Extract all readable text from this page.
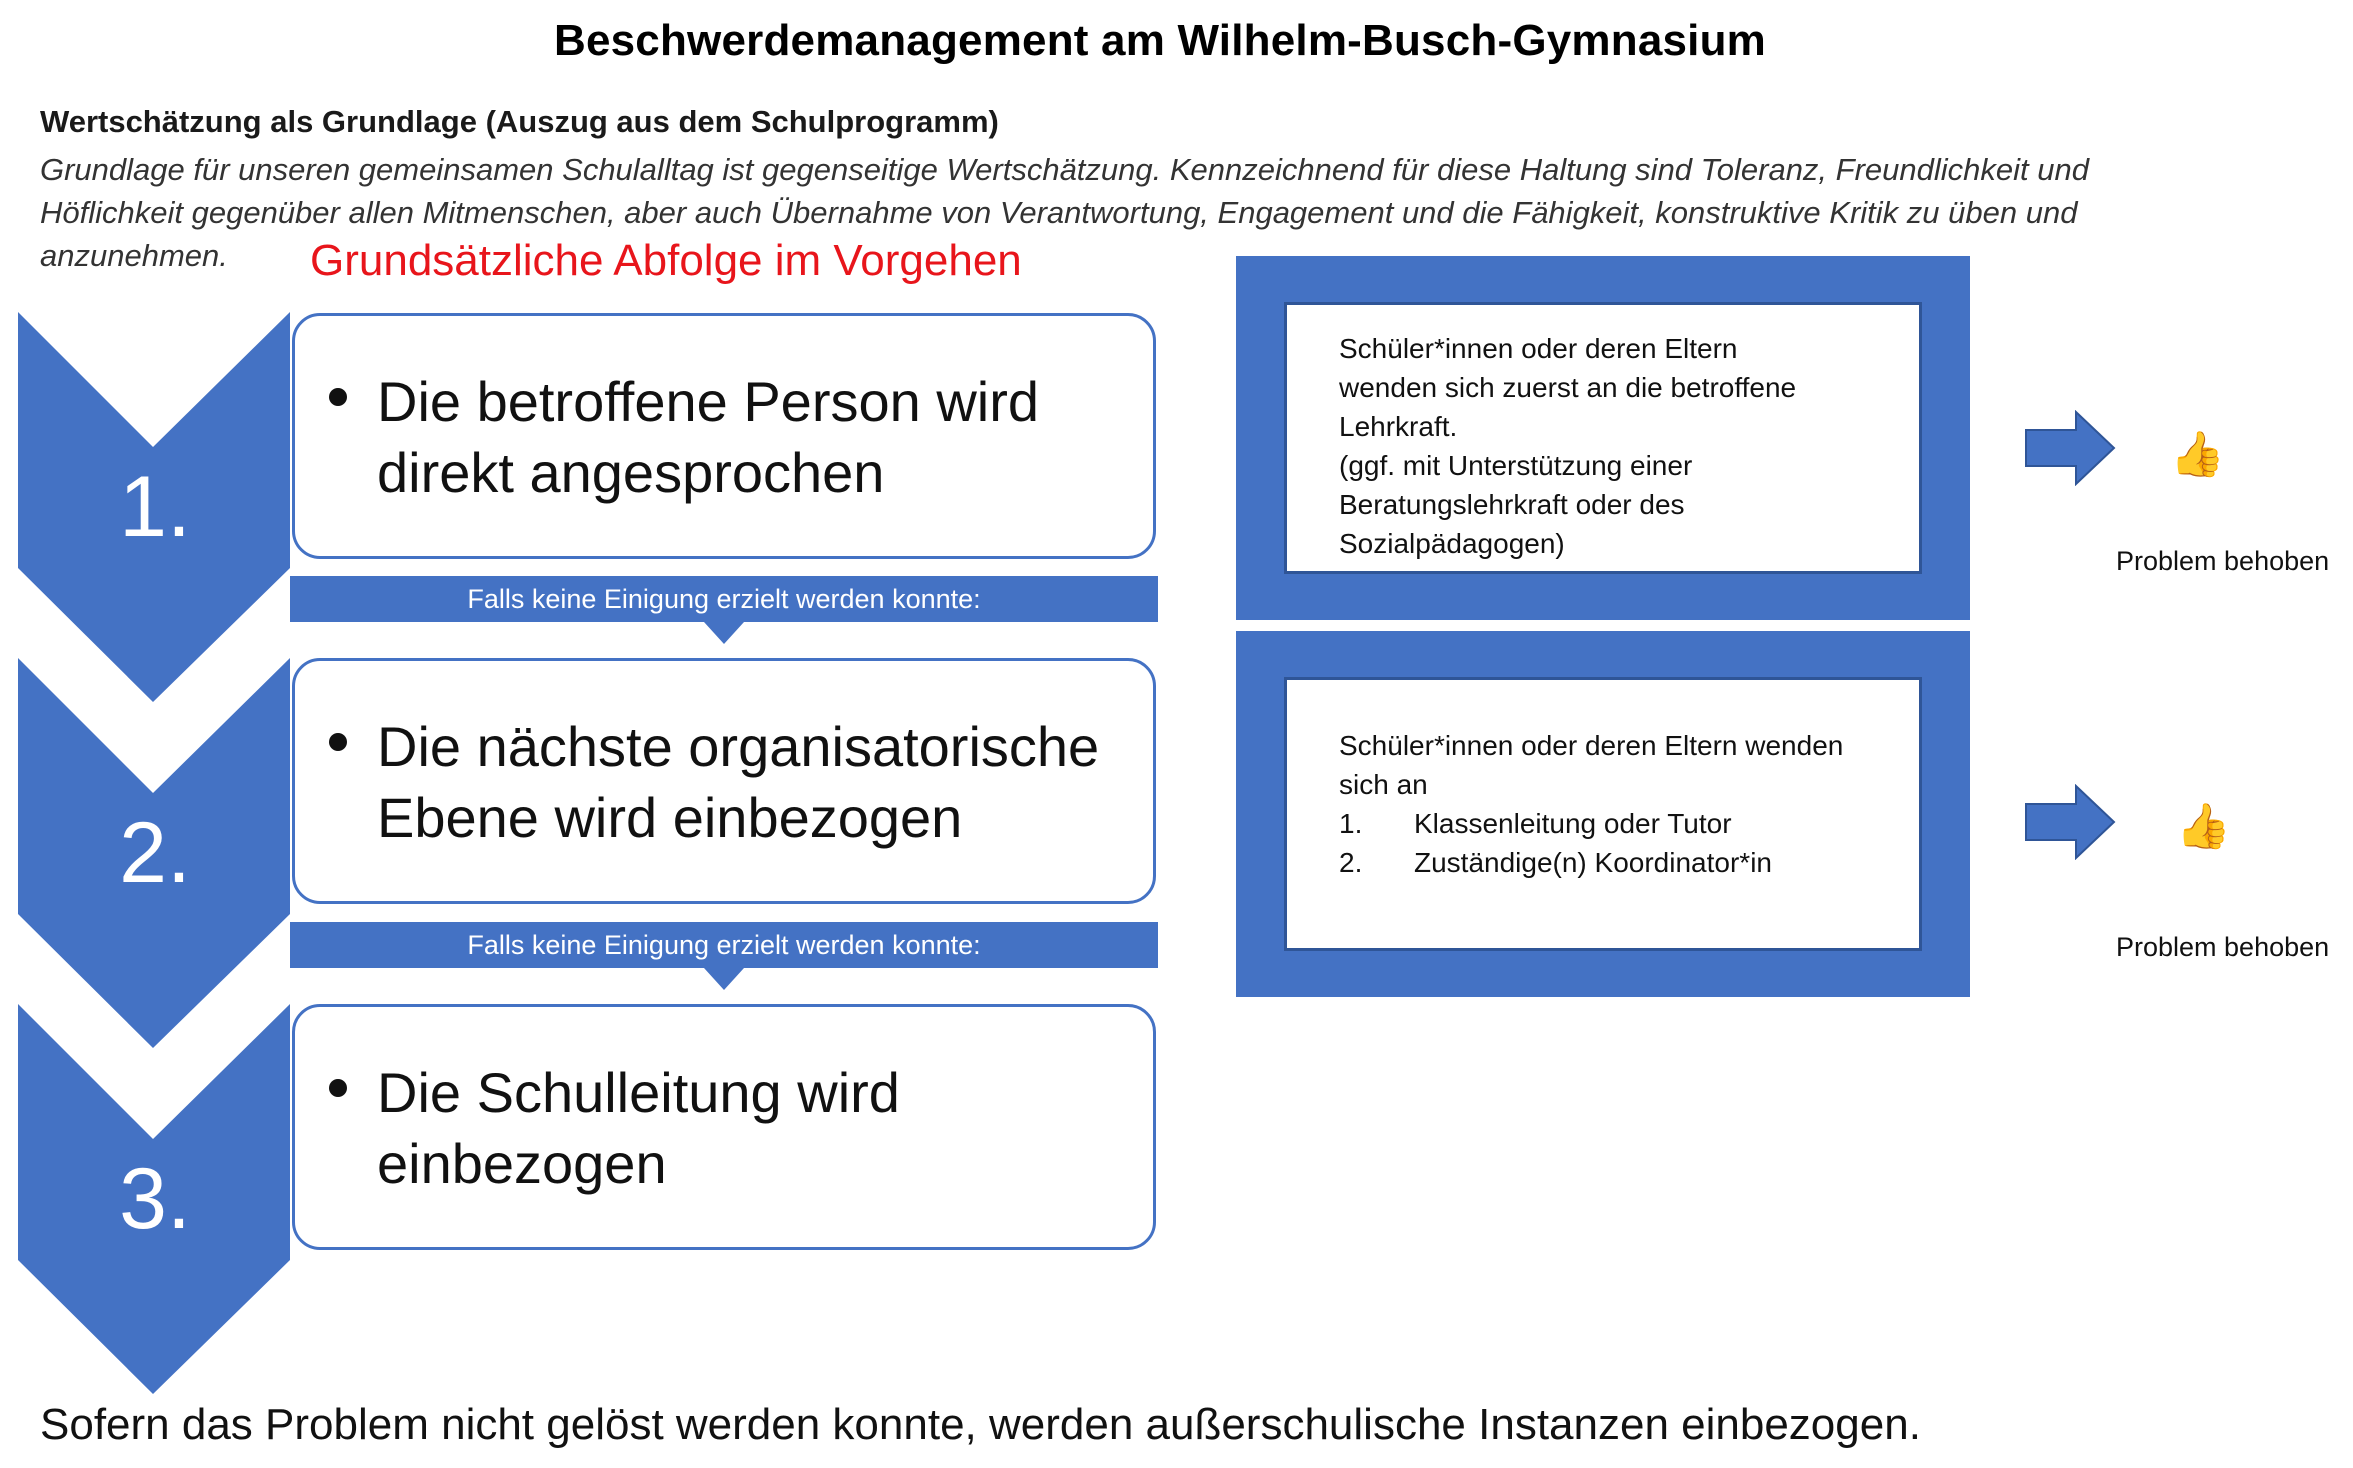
Beschwerdemanagement am Wilhelm-Busch-Gymnasium
Wertschätzung als Grundlage (Auszug aus dem Schulprogramm)
Grundlage für unseren gemeinsamen Schulalltag ist gegenseitige Wertschätzung. Kennzeichnend für diese Haltung sind Toleranz, Freundlichkeit und Höflichkeit gegenüber allen Mitmenschen, aber auch Übernahme von Verantwortung, Engagement und die Fähigkeit, konstruktive Kritik zu üben und anzunehmen.	Grundsätzliche Abfolge im Vorgehen
1.
2.
3.
Die betroffene Person wird direkt angesprochen
Die nächste organisatorische Ebene wird einbezogen
Die Schulleitung wird einbezogen
Falls keine Einigung erzielt werden konnte:
Falls keine Einigung erzielt werden konnte:
Schüler*innen oder deren Eltern
wenden sich zuerst an die betroffene
Lehrkraft.
(ggf. mit Unterstützung einer
Beratungslehrkraft oder des
Sozialpädagogen)
Schüler*innen oder deren Eltern wenden
sich an
1.	Klassenleitung oder Tutor
2.	Zuständige(n) Koordinator*in
👍
Problem behoben
👍
Problem behoben
Sofern das Problem nicht gelöst werden konnte, werden außerschulische Instanzen einbezogen.
